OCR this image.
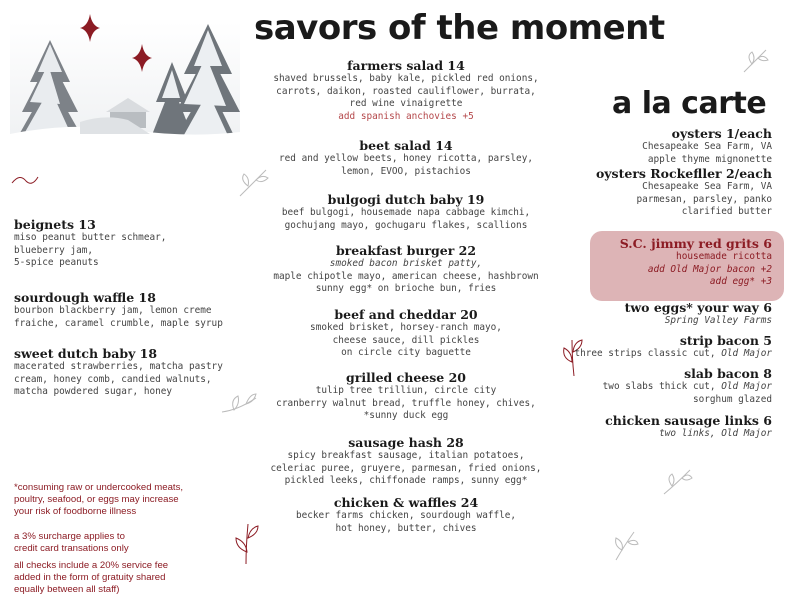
savors of the moment
a la carte
farmers salad 14
shaved brussels, baby kale, pickled red onions,
carrots, daikon, roasted cauliflower, burrata,
red wine vinaigrette
add spanish anchovies +5
beet salad 14
red and yellow beets, honey ricotta, parsley,
lemon, EVOO, pistachios
bulgogi dutch baby 19
beef bulgogi, housemade napa cabbage kimchi,
gochujang mayo, gochugaru flakes, scallions
breakfast burger 22
smoked bacon brisket patty,
maple chipotle mayo, american cheese, hashbrown
sunny egg* on brioche bun, fries
beef and cheddar 20
smoked brisket, horsey-ranch mayo,
cheese sauce, dill pickles
on circle city baguette
grilled cheese 20
tulip tree trilliun, circle city
cranberry walnut bread, truffle honey, chives,
*sunny duck egg
sausage hash 28
spicy breakfast sausage, italian potatoes,
celeriac puree, gruyere, parmesan, fried onions,
pickled leeks, chiffonade ramps, sunny egg*
chicken & waffles 24
becker farms chicken, sourdough waffle,
hot honey, butter, chives
beignets 13
miso peanut butter schmear,
blueberry jam,
5-spice peanuts
sourdough waffle 18
bourbon blackberry jam, lemon creme
fraiche, caramel crumble, maple syrup
sweet dutch baby 18
macerated strawberries, matcha pastry
cream, honey comb, candied walnuts,
matcha powdered sugar, honey
*consuming raw or undercooked meats,
poultry, seafood, or eggs may increase
your risk of foodborne illness
a 3% surcharge applies to
credit card transations only
all checks include a 20% service fee
added in the form of gratuity shared
equally between all staff)
oysters 1/each
Chesapeake Sea Farm, VA
apple thyme mignonette
oysters Rockefller 2/each
Chesapeake Sea Farm, VA
parmesan, parsley, panko
clarified butter
S.C. jimmy red grits 6
housemade ricotta
add Old Major bacon +2
add egg* +3
two eggs* your way 6
Spring Valley Farms
strip bacon 5
three strips classic cut, Old Major
slab bacon 8
two slabs thick cut, Old Major
sorghum glazed
chicken sausage links 6
two links, Old Major
